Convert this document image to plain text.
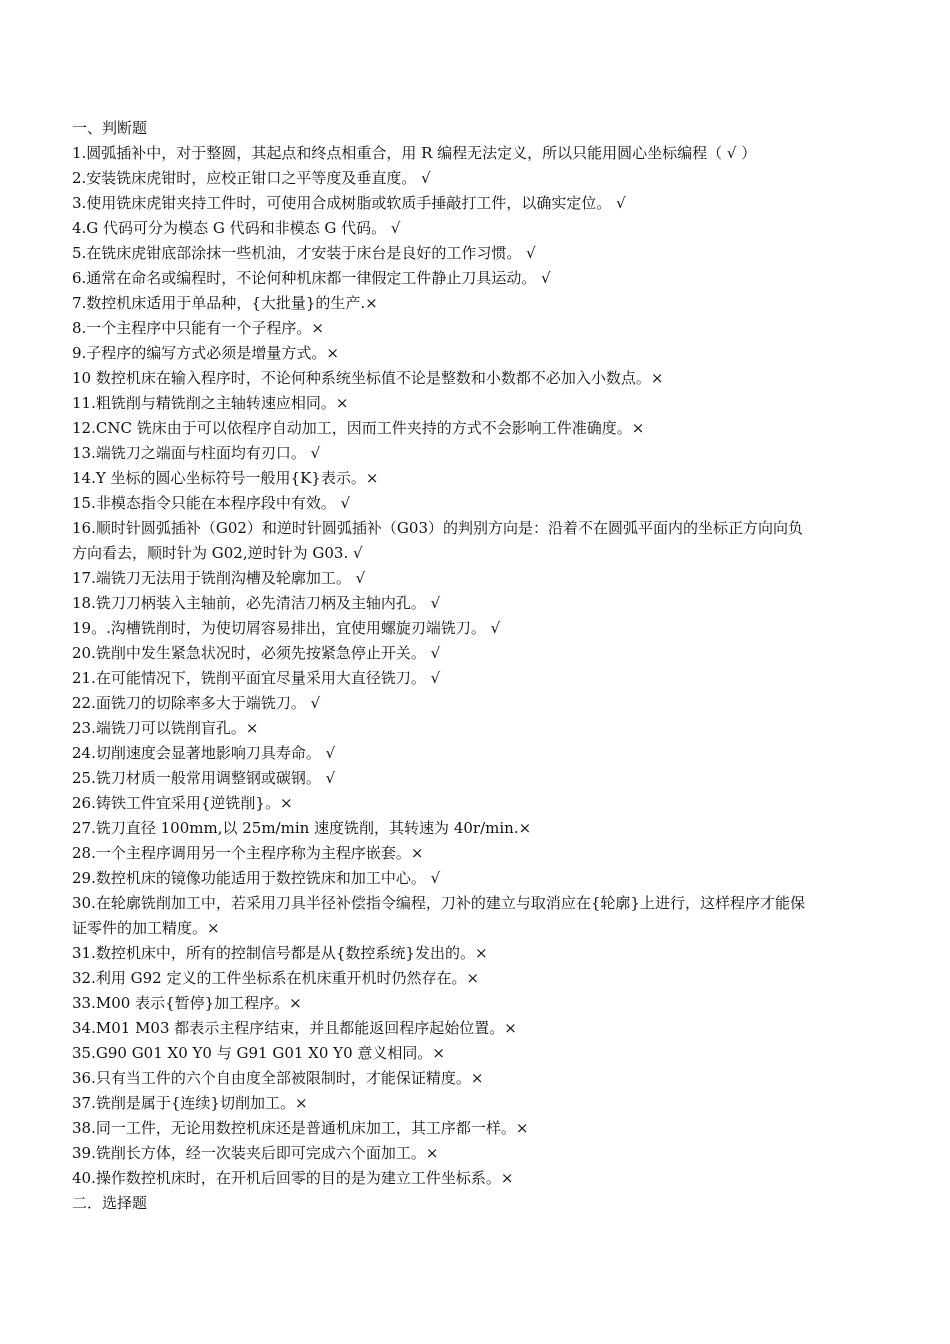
一、判断题
1.圆弧插补中，对于整圆，其起点和终点相重合，用 R 编程无法定义，所以只能用圆心坐标编程（ √ ）
2.安装铣床虎钳时，应校正钳口之平等度及垂直度。 √
3.使用铣床虎钳夹持工件时，可使用合成树脂或软质手捶敲打工件，以确实定位。 √
4.G 代码可分为模态 G 代码和非模态 G 代码。 √
5.在铣床虎钳底部涂抹一些机油，才安装于床台是良好的工作习惯。 √
6.通常在命名或编程时，不论何种机床都一律假定工件静止刀具运动。 √
7.数控机床适用于单品种，{大批量}的生产.×
8.一个主程序中只能有一个子程序。×
9.子程序的编写方式必须是增量方式。×
10 数控机床在输入程序时，不论何种系统坐标值不论是整数和小数都不必加入小数点。×
11.粗铣削与精铣削之主轴转速应相同。×
12.CNC 铣床由于可以依程序自动加工，因而工件夹持的方式不会影响工件准确度。×
13.端铣刀之端面与柱面均有刃口。 √
14.Y 坐标的圆心坐标符号一般用{K}表示。×
15.非模态指令只能在本程序段中有效。 √
16.顺时针圆弧插补（G02）和逆时针圆弧插补（G03）的判别方向是：沿着不在圆弧平面内的坐标正方向向负
方向看去，顺时针为 G02,逆时针为 G03. √
17.端铣刀无法用于铣削沟槽及轮廓加工。 √
18.铣刀刀柄装入主轴前，必先清洁刀柄及主轴内孔。 √
19。.沟槽铣削时，为使切屑容易排出，宜使用螺旋刃端铣刀。 √
20.铣削中发生紧急状况时，必须先按紧急停止开关。 √
21.在可能情况下，铣削平面宜尽量采用大直径铣刀。 √
22.面铣刀的切除率多大于端铣刀。 √
23.端铣刀可以铣削盲孔。×
24.切削速度会显著地影响刀具寿命。 √
25.铣刀材质一般常用调整钢或碳钢。 √
26.铸铁工件宜采用{逆铣削}。×
27.铣刀直径 100mm,以 25m/min 速度铣削，其转速为 40r/min.×
28.一个主程序调用另一个主程序称为主程序嵌套。×
29.数控机床的镜像功能适用于数控铣床和加工中心。 √
30.在轮廓铣削加工中，若采用刀具半径补偿指令编程，刀补的建立与取消应在{轮廓}上进行，这样程序才能保
证零件的加工精度。×
31.数控机床中，所有的控制信号都是从{数控系统}发出的。×
32.利用 G92 定义的工件坐标系在机床重开机时仍然存在。×
33.M00 表示{暂停}加工程序。×
34.M01 M03 都表示主程序结束，并且都能返回程序起始位置。×
35.G90 G01 X0 Y0 与 G91 G01 X0 Y0 意义相同。×
36.只有当工件的六个自由度全部被限制时，才能保证精度。×
37.铣削是属于{连续}切削加工。×
38.同一工件，无论用数控机床还是普通机床加工，其工序都一样。×
39.铣削长方体，经一次装夹后即可完成六个面加工。×
40.操作数控机床时，在开机后回零的目的是为建立工件坐标系。×
二．选择题
